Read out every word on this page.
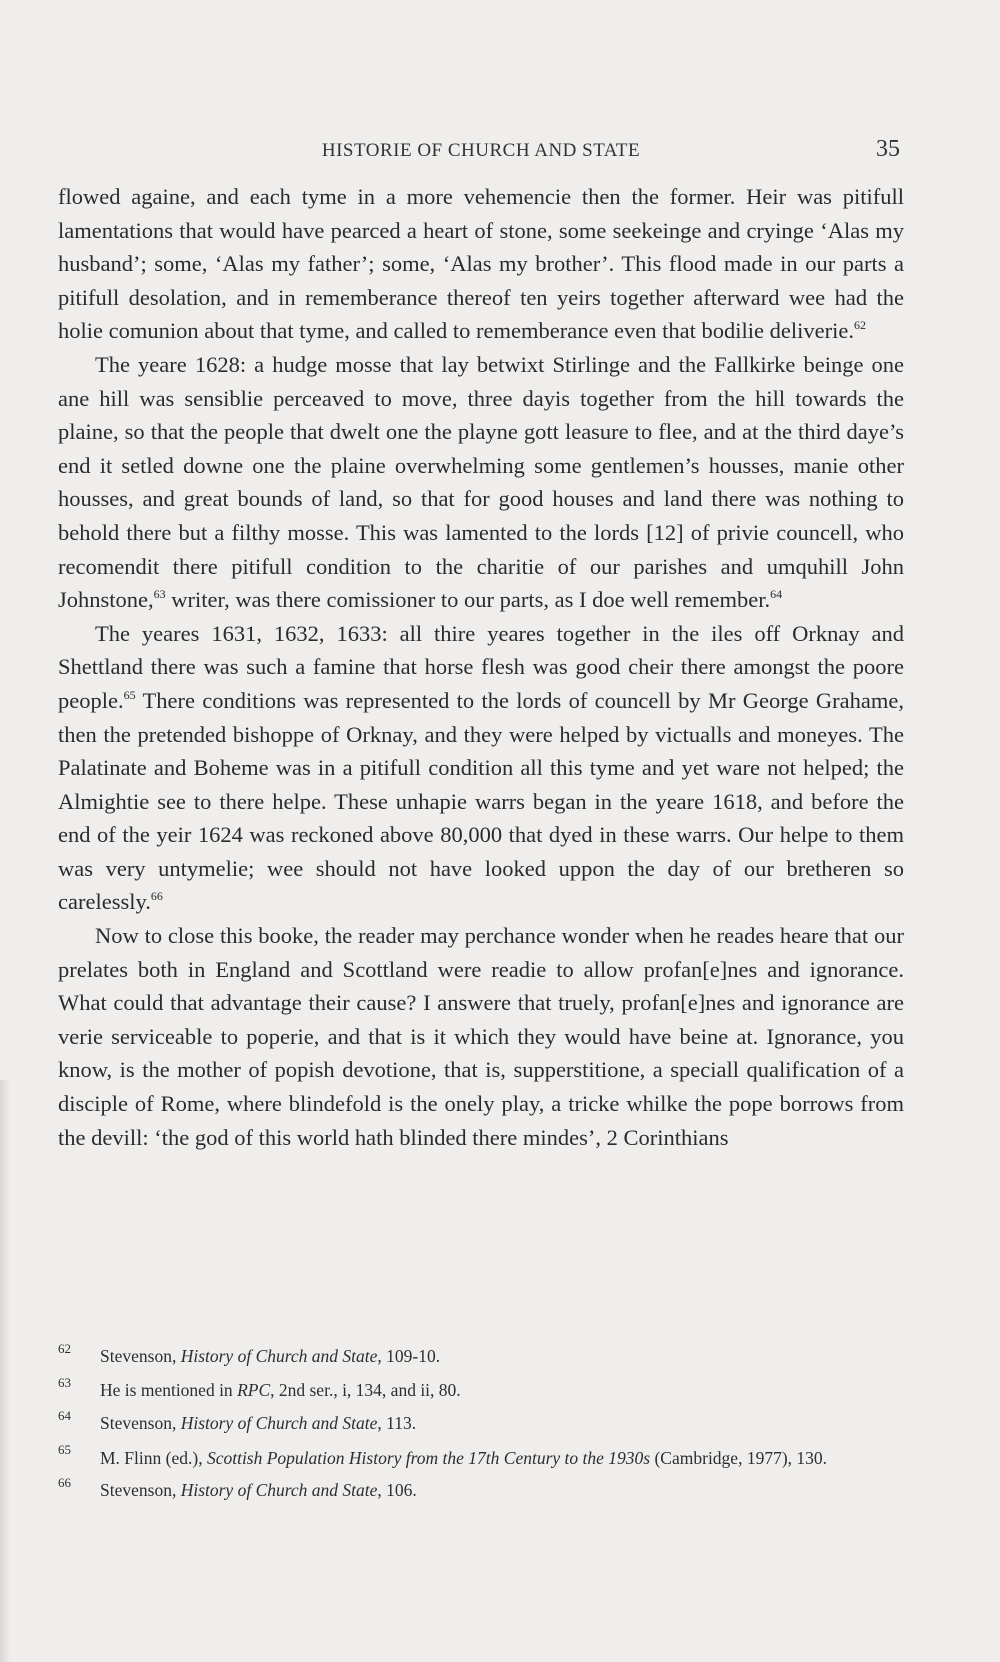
HISTORIE OF CHURCH AND STATE	35

flowed againe, and each tyme in a more vehemencie then the former. Heir was pitifull lamentations that would have pearced a heart of stone, some seekeinge and cryinge ‘Alas my husband’; some, ‘Alas my father’; some, ‘Alas my brother’. This flood made in our parts a pitifull desolation, and in rememberance thereof ten yeirs together afterward wee had the holie comunion about that tyme, and called to rememberance even that bodilie deliverie.$^{62}$

The yeare 1628: a hudge mosse that lay betwixt Stirlinge and the Fallkirke beinge one ane hill was sensiblie perceaved to move, three dayis together from the hill towards the plaine, so that the people that dwelt one the playne gott leasure to flee, and at the third daye’s end it setled downe one the plaine overwhelming some gentlemen’s housses, manie other housses, and great bounds of land, so that for good houses and land there was nothing to behold there but a filthy mosse. This was lamented to the lords [12] of privie councell, who recomendit there pitifull condition to the charitie of our parishes and umquhill John Johnstone,$^{63}$ writer, was there comissioner to our parts, as I doe well remember.$^{64}$

The yeares 1631, 1632, 1633: all thire yeares together in the iles off Orknay and Shettland there was such a famine that horse flesh was good cheir there amongst the poore people.$^{65}$ There conditions was represented to the lords of councell by Mr George Grahame, then the pretended bishoppe of Orknay, and they were helped by victualls and moneyes. The Palatinate and Boheme was in a pitifull condition all this tyme and yet ware not helped; the Almightie see to there helpe. These unhapie warrs began in the yeare 1618, and before the end of the yeir 1624 was reckoned above 80,000 that dyed in these warrs. Our helpe to them was very untymelie; wee should not have looked uppon the day of our bretheren so carelessly.$^{66}$

Now to close this booke, the reader may perchance wonder when he reades heare that our prelates both in England and Scottland were readie to allow profan[e]nes and ignorance. What could that advantage their cause? I answere that truely, profan[e]nes and ignorance are verie serviceable to poperie, and that is it which they would have beine at. Ignorance, you know, is the mother of popish devotione, that is, supperstitione, a speciall qualification of a disciple of Rome, where blindefold is the onely play, a tricke whilke the pope borrows from the devill: ‘the god of this world hath blinded there mindes’, 2 Corinthians

62 Stevenson, History of Church and State, 109-10.
63 He is mentioned in RPC, 2nd ser., i, 134, and ii, 80.
64 Stevenson, History of Church and State, 113.
65 M. Flinn (ed.), Scottish Population History from the 17th Century to the 1930s (Cambridge, 1977), 130.
66 Stevenson, History of Church and State, 106.
